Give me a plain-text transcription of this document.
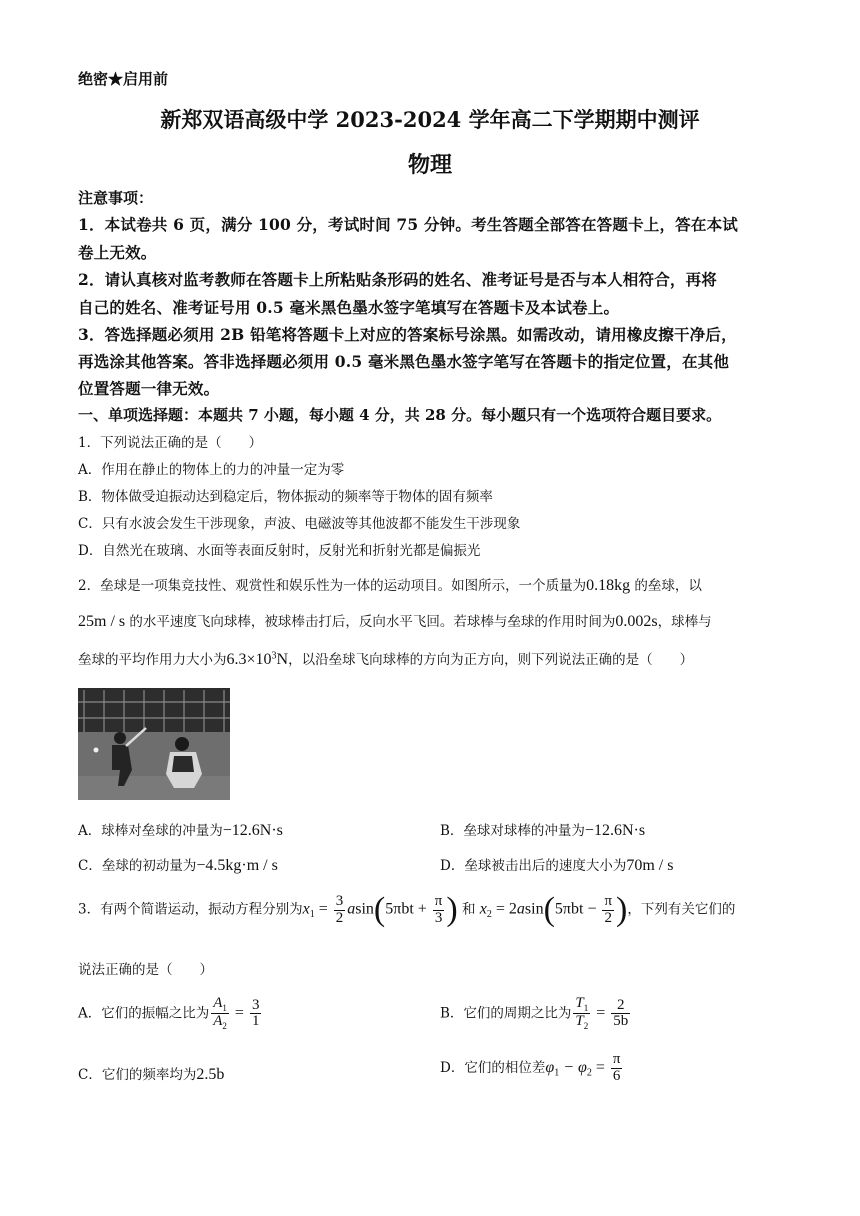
绝密★启用前
新郑双语高级中学 2023-2024 学年高二下学期期中测评
物理
注意事项：
1．本试卷共 6 页，满分 100 分，考试时间 75 分钟。考生答题全部答在答题卡上，答在本试
卷上无效。
2．请认真核对监考教师在答题卡上所粘贴条形码的姓名、准考证号是否与本人相符合，再将
自己的姓名、准考证号用 0.5 毫米黑色墨水签字笔填写在答题卡及本试卷上。
3．答选择题必须用 2B 铅笔将答题卡上对应的答案标号涂黑。如需改动，请用橡皮擦干净后，
再选涂其他答案。答非选择题必须用 0.5 毫米黑色墨水签字笔写在答题卡的指定位置，在其他
位置答题一律无效。
一、单项选择题：本题共 7 小题，每小题 4 分，共 28 分。每小题只有一个选项符合题目要求。
1．下列说法正确的是（　　）
A．作用在静止的物体上的力的冲量一定为零
B．物体做受迫振动达到稳定后，物体振动的频率等于物体的固有频率
C．只有水波会发生干涉现象，声波、电磁波等其他波都不能发生干涉现象
D．自然光在玻璃、水面等表面反射时，反射光和折射光都是偏振光
2．垒球是一项集竞技性、观赏性和娱乐性为一体的运动项目。如图所示，一个质量为0.18kg 的垒球，以
25m / s 的水平速度飞向球棒，被球棒击打后，反向水平飞回。若球棒与垒球的作用时间为0.002s，球棒与
垒球的平均作用力大小为$6.3\times 10^3N$，以沿垒球飞向球棒的方向为正方向，则下列说法正确的是（　　）
A．球棒对垒球的冲量为−12.6N·s	B．垒球对球棒的冲量为−12.6N·s
C．垒球的初动量为−4.5kg·m / s	D．垒球被击出后的速度大小为70m / s
3．有两个简谐运动，振动方程分别为$x_1 = \frac{3}{2} asin(5\pi bt + \frac{\pi}{3}$ ) 和 $x_2 = 2asin(5\pi bt - \frac{\pi}{2}$ )，下列有关它们的
说法正确的是（　　）
A．它们的振幅之比为 $\frac{A_1}{A_2} = \frac{3}{1}$	B．它们的周期之比为 $\frac{T_1}{T_2} = \frac{2}{5b}$
C．它们的频率均为2.5b	D．它们的相位差$\varphi_1 - \varphi_2 = \frac{\pi}{6}$
